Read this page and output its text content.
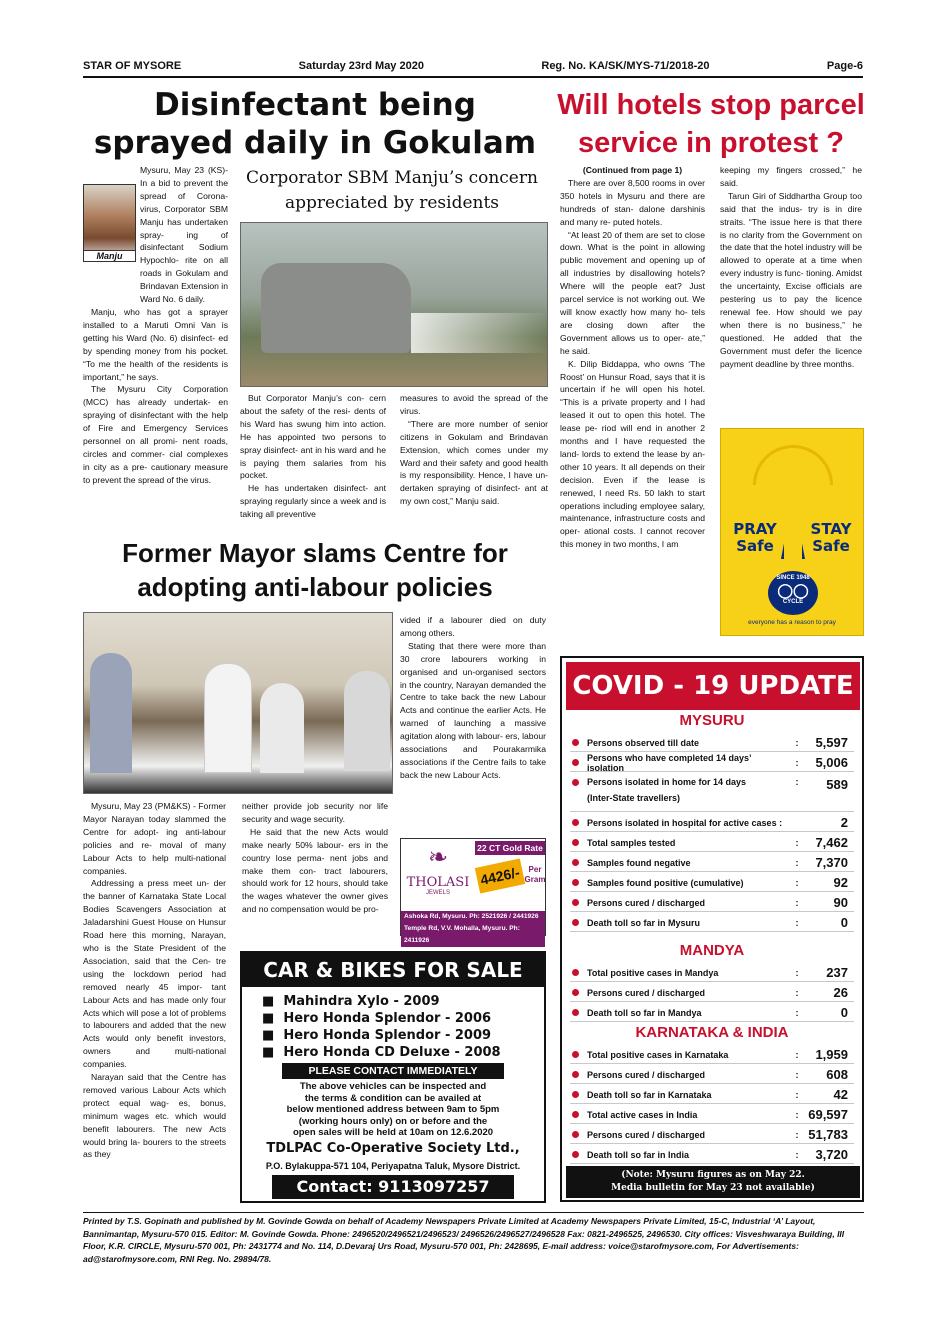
STAR OF MYSORE	Saturday 23rd May 2020	Reg. No. KA/SK/MYS-71/2018-20	Page-6
Disinfectant being sprayed daily in Gokulam
Manju

Mysuru, May 23 (KS)- In a bid to prevent the spread of Corona- virus, Corporator SBM Manju has undertaken spray- ing of disinfectant Sodium Hypochlo- rite on all roads in Gokulam and Brindavan Extension in Ward No. 6 daily.

Manju, who has got a sprayer installed to a Maruti Omni Van is getting his Ward (No. 6) disinfect- ed by spending money from his pocket. “To me the health of the residents is important,” he says.

The Mysuru City Corporation (MCC) has already undertak- en spraying of disinfectant with the help of Fire and Emergency Services personnel on all promi- nent roads, circles and commer- cial complexes in city as a pre- cautionary measure to prevent the spread of the virus.

Corporator SBM Manju’s concern appreciated by residents

But Corporator Manju’s con- cern about the safety of the resi- dents of his Ward has swung him into action. He has appointed two persons to spray disinfect- ant in his ward and he is paying them salaries from his pocket.

He has undertaken disinfect- ant spraying regularly since a week and is taking all preventive

measures to avoid the spread of the virus.

“There are more number of senior citizens in Gokulam and Brindavan Extension, which comes under my Ward and their safety and good health is my responsibility. Hence, I have un- dertaken spraying of disinfect- ant at my own cost,” Manju said.

Will hotels stop parcel service in protest ?

(Continued from page 1)

There are over 8,500 rooms in over 350 hotels in Mysuru and there are hundreds of stan- dalone darshinis and many re- puted hotels.

“At least 20 of them are set to close down. What is the point in allowing public movement and opening up of all industries by disallowing hotels? Where will the people eat? Just parcel service is not working out. We will know exactly how many ho- tels are closing down after the Government allows us to oper- ate,” he said.

K. Dilip Biddappa, who owns ‘The Roost’ on Hunsur Road, says that it is uncertain if he will open his hotel. “This is a private property and I had leased it out to open this hotel. The lease pe- riod will end in another 2 months and I have requested the land- lords to extend the lease by an- other 10 years. It all depends on their decision. Even if the lease is renewed, I need Rs. 50 lakh to start operations including employee salary, maintenance, infrastructure costs and oper- ational costs. I cannot recover this money in two months, I am

keeping my fingers crossed,” he said.

Tarun Giri of Siddhartha Group too said that the indus- try is in dire straits. “The issue here is that there is no clarity from the Government on the date that the hotel industry will be allowed to operate at a time when every industry is func- tioning. Amidst the uncertainty, Excise officials are pestering us to pay the licence renewal fee. How should we pay when there is no business,” he questioned. He added that the Government must defer the licence payment deadline by three months.

PRAY
Safe
STAY
Safe
SINCE 1948
◯◯
CYCLE
everyone has a reason to pray
Former Mayor slams Centre for adopting anti-labour policies

Mysuru, May 23 (PM&KS) - Former Mayor Narayan today slammed the Centre for adopt- ing anti-labour policies and re- moval of many Labour Acts to help multi-national companies.

Addressing a press meet un- der the banner of Karnataka State Local Bodies Scavengers Association at Jaladarshini Guest House on Hunsur Road here this morning, Narayan, who is the State President of the Association, said that the Cen- tre using the lockdown period had removed nearly 45 impor- tant Labour Acts and has made only four Acts which will pose a lot of problems to labourers and added that the new Acts would only benefit investors, owners and multi-national companies.

Narayan said that the Centre has removed various Labour Acts which protect equal wag- es, bonus, minimum wages etc. which would benefit labourers. The new Acts would bring la- bourers to the streets as they

neither provide job security nor life security and wage security.

He said that the new Acts would make nearly 50% labour- ers in the country lose perma- nent jobs and make them con- tract labourers, should work for 12 hours, should take the wages whatever the owner gives and no compensation would be pro-

vided if a labourer died on duty among others.

Stating that there were more than 30 crore labourers working in organised and un-organised sectors in the country, Narayan demanded the Centre to take back the new Labour Acts and continue the earlier Acts. He warned of launching a massive agitation along with labour- ers, labour associations and Pourakarmika associations if the Centre fails to take back the new Labour Acts.

❧
THOLASI
JEWELS
22 CT Gold Rate
4426/- Per Gram
Ashoka Rd, Mysuru. Ph: 2521926 / 2441926
Temple Rd, V.V. Mohalla, Mysuru. Ph: 2411926
CAR & BIKES FOR SALE
■  Mahindra Xylo - 2009
■  Hero Honda Splendor - 2006
■  Hero Honda Splendor - 2009
■  Hero Honda CD Deluxe - 2008
PLEASE CONTACT IMMEDIATELY
The above vehicles can be inspected and
the terms & condition can be availed at
below mentioned address between 9am to 5pm
(working hours only) on or before and the
open sales will be held at 10am on 12.6.2020
TDLPAC Co-Operative Society Ltd.,
P.O. Bylakuppa-571 104, Periyapatna Taluk, Mysore District.
Contact: 9113097257
COVID - 19 UPDATE
MYSURU
MANDYA
KARNATAKA & INDIA
(Note: Mysuru figures as on May 22.
Media bulletin for May 23 not available)
Persons observed till date	:	5,597
Persons who have completed 14 days’ isolation	:	5,006
Persons isolated in home for 14 days
(Inter-State travellers)
:	589
Persons isolated in hospital for active cases :	2
Total samples tested	:	7,462
Samples found negative	:	7,370
Samples found positive (cumulative)	:	92
Persons cured / discharged	:	90
Death toll so far in Mysuru	:	0
Total positive cases in Mandya	:	237
Persons cured / discharged	:	26
Death toll so far in Mandya	:	0
Total positive cases in Karnataka	:	1,959
Persons cured / discharged	:	608
Death toll so far in Karnataka	:	42
Total active cases in India	: 69,597
Persons cured / discharged	: 51,783
Death toll so far in India	:	3,720
Printed by T.S. Gopinath and published by M. Govinde Gowda on behalf of Academy Newspapers Private Limited at Academy Newspapers Private Limited, 15-C, Industrial ‘A’ Layout, Bannimantap, Mysuru-570 015. Editor: M. Govinde Gowda. Phone: 2496520/2496521/2496523/ 2496526/2496527/2496528 Fax: 0821-2496525, 2496530. City offices: Visveshwaraya Building, III Floor, K.R. CIRCLE, Mysuru-570 001, Ph: 2431774 and No. 114, D.Devaraj Urs Road, Mysuru-570 001, Ph: 2428695, E-mail address: voice@starofmysore.com, For Advertisements: ad@starofmysore.com, RNI Reg. No. 29894/78.
